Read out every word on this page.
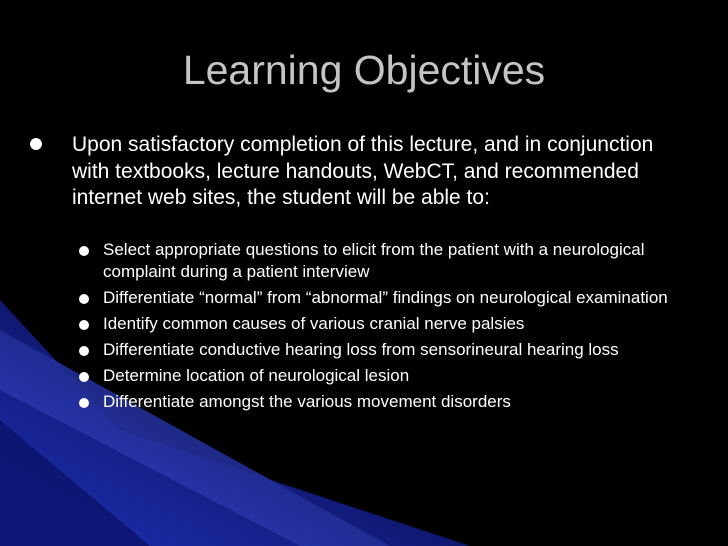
Learning Objectives
Upon satisfactory completion of this lecture, and in conjunction with textbooks, lecture handouts, WebCT, and recommended internet web sites, the student will be able to:
Select appropriate questions to elicit from the patient with a neurological complaint during a patient interview
Differentiate “normal” from “abnormal” findings on neurological examination
Identify common causes of various cranial nerve palsies
Differentiate conductive hearing loss from sensorineural hearing loss
Determine location of neurological lesion
Differentiate amongst the various movement disorders
